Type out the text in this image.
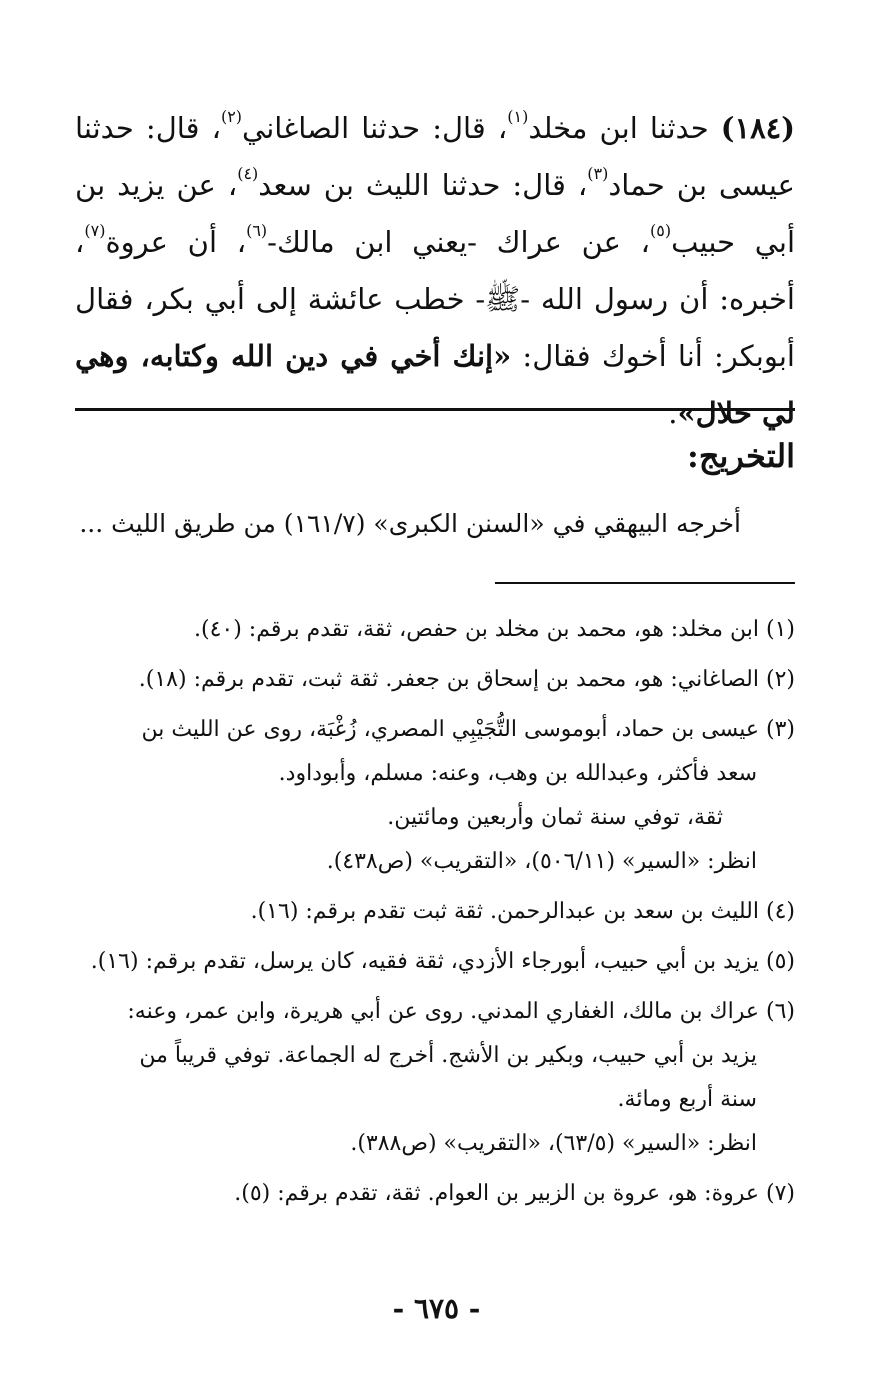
(١٨٤) حدثنا ابن مخلد$^{(١)}$، قال: حدثنا الصاغاني$^{(٢)}$، قال: حدثنا عيسى بن حماد$^{(٣)}$، قال: حدثنا الليث بن سعد$^{(٤)}$، عن يزيد بن أبي حبيب$^{(٥)}$، عن عراك -يعني ابن مالك-$^{(٦)}$، أن عروة$^{(٧)}$، أخبره: أن رسول الله -ﷺ- خطب عائشة إلى أبي بكر، فقال أبوبكر: أنا أخوك فقال: «إنك أخي في دين الله وكتابه، وهي لي حلال».
التخريج:
أخرجه البيهقي في «السنن الكبرى» (١٦١/٧) من طريق الليث ...
(١) ابن مخلد: هو، محمد بن مخلد بن حفص، ثقة، تقدم برقم: (٤٠).
(٢) الصاغاني: هو، محمد بن إسحاق بن جعفر. ثقة ثبت، تقدم برقم: (١٨).
(٣) عيسى بن حماد، أبوموسى التُّجَيْبِي المصري، زُغْبَة، روى عن الليث بن
سعد فأكثر، وعبدالله بن وهب، وعنه: مسلم، وأبوداود.
ثقة، توفي سنة ثمان وأربعين ومائتين.
انظر: «السير» (٥٠٦/١١)، «التقريب» (ص٤٣٨).
(٤) الليث بن سعد بن عبدالرحمن. ثقة ثبت تقدم برقم: (١٦).
(٥) يزيد بن أبي حبيب، أبورجاء الأزدي، ثقة فقيه، كان يرسل، تقدم برقم: (١٦).
(٦) عراك بن مالك، الغفاري المدني. روى عن أبي هريرة، وابن عمر، وعنه:
يزيد بن أبي حبيب، وبكير بن الأشج. أخرج له الجماعة. توفي قريباً من
سنة أربع ومائة.
انظر: «السير» (٦٣/٥)، «التقريب» (ص٣٨٨).
(٧) عروة: هو، عروة بن الزبير بن العوام. ثقة، تقدم برقم: (٥).
- ٦٧٥ -
